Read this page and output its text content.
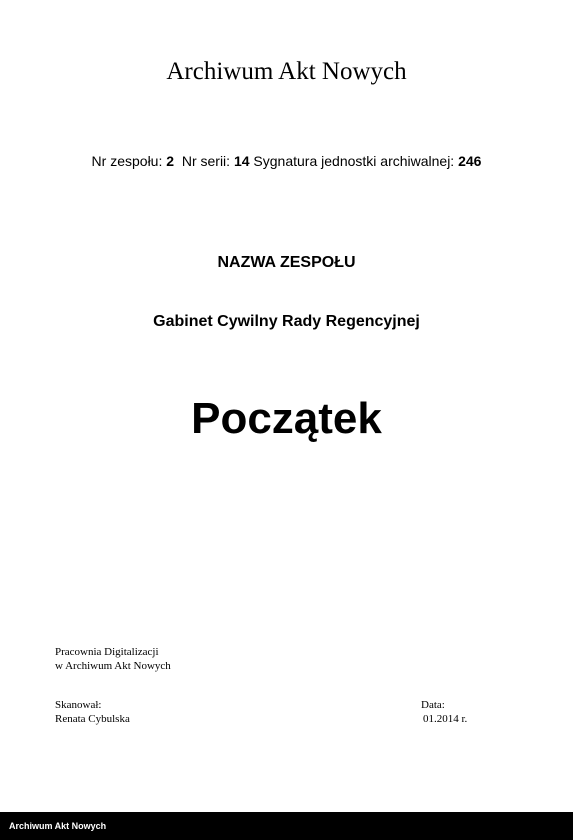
Archiwum Akt Nowych
Nr zespołu: 2 Nr serii: 14 Sygnatura jednostki archiwalnej: 246
NAZWA ZESPOŁU
Gabinet Cywilny Rady Regencyjnej
Początek
Pracownia Digitalizacji
w Archiwum Akt Nowych
Skanował:
Renata Cybulska
Data:
01.2014 r.
Archiwum Akt Nowych
